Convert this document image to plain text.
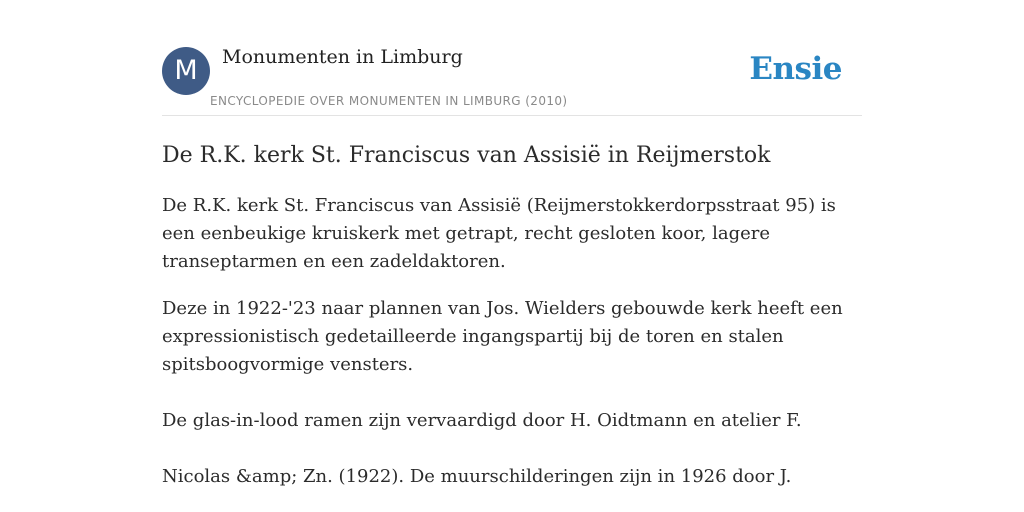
M	Monumenten in Limburg
ENCYCLOPEDIE OVER MONUMENTEN IN LIMBURG (2010)
Ensie
De R.K. kerk St. Franciscus van Assisië in Reijmerstok

De R.K. kerk St. Franciscus van Assisië (Reijmerstokkerdorpsstraat 95) is een eenbeukige kruiskerk met getrapt, recht gesloten koor, lagere transeptarmen en een zadeldaktoren.

Deze in 1922-'23 naar plannen van Jos. Wielders gebouwde kerk heeft een expressionistisch gedetailleerde ingangspartij bij de toren en stalen spitsboogvormige vensters.

De glas-in-lood ramen zijn vervaardigd door H. Oidtmann en atelier F.

Nicolas &amp; Zn. (1922). De muurschilderingen zijn in 1926 door J.
